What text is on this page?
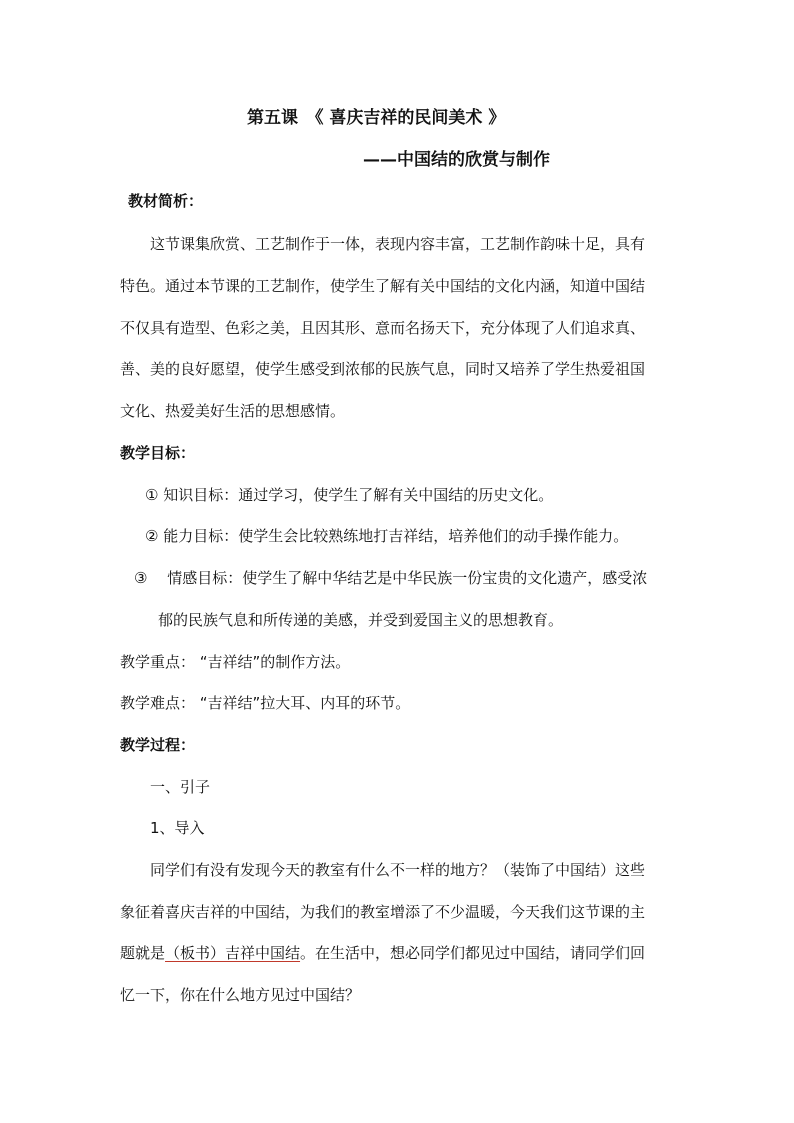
第五课　《 喜庆吉祥的民间美术 》
——中国结的欣赏与制作
教材简析：
这节课集欣赏、工艺制作于一体，表现内容丰富，工艺制作韵味十足，具有
特色。通过本节课的工艺制作，使学生了解有关中国结的文化内涵，知道中国结
不仅具有造型、色彩之美，且因其形、意而名扬天下，充分体现了人们追求真、
善、美的良好愿望，使学生感受到浓郁的民族气息，同时又培养了学生热爱祖国
文化、热爱美好生活的思想感情。
教学目标：
① 知识目标：通过学习，使学生了解有关中国结的历史文化。
② 能力目标：使学生会比较熟练地打吉祥结，培养他们的动手操作能力。
③　 情感目标：使学生了解中华结艺是中华民族一份宝贵的文化遗产，感受浓
郁的民族气息和所传递的美感，并受到爱国主义的思想教育。
教学重点： “吉祥结”的制作方法。
教学难点： “吉祥结”拉大耳、内耳的环节。
教学过程：
一、引子
1、导入
同学们有没有发现今天的教室有什么不一样的地方？（装饰了中国结）这些
象征着喜庆吉祥的中国结，为我们的教室增添了不少温暖，今天我们这节课的主
题就是（板书）吉祥中国结。在生活中，想必同学们都见过中国结，请同学们回
忆一下，你在什么地方见过中国结？
